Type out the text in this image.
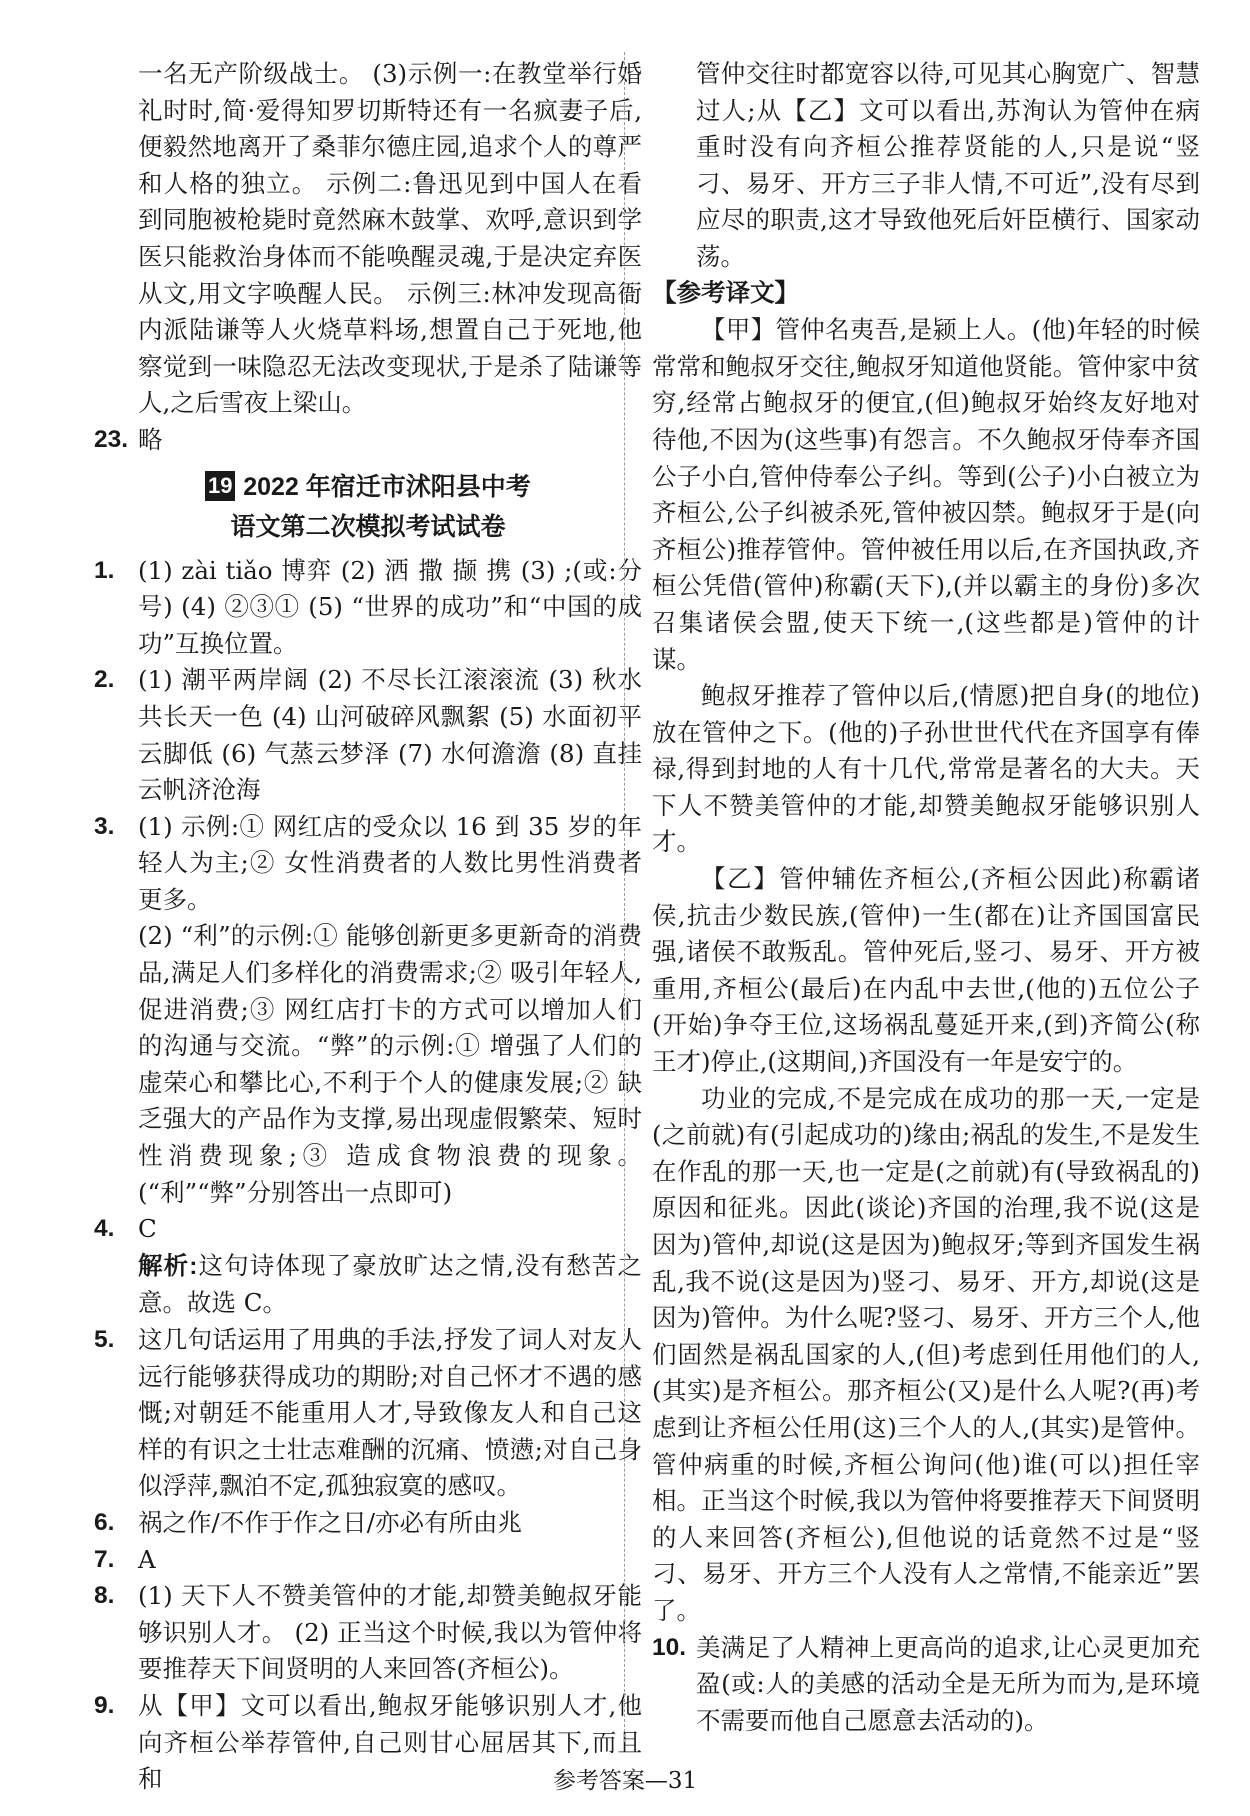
一名无产阶级战士。 (3)示例一:在教堂举行婚礼时时,简·爱得知罗切斯特还有一名疯妻子后,便毅然地离开了桑菲尔德庄园,追求个人的尊严和人格的独立。 示例二:鲁迅见到中国人在看到同胞被枪毙时竟然麻木鼓掌、欢呼,意识到学医只能救治身体而不能唤醒灵魂,于是决定弃医从文,用文字唤醒人民。 示例三:林冲发现高衙内派陆谦等人火烧草料场,想置自己于死地,他察觉到一味隐忍无法改变现状,于是杀了陆谦等人,之后雪夜上梁山。

23. 略
19 2022 年宿迁市沭阳县中考
语文第二次模拟考试试卷
1. (1) zài tiǎo 博弈 (2) 洒 撒 撷 携 (3) ;(或:分号) (4) ②③① (5) “世界的成功”和“中国的成功”互换位置。
2. (1) 潮平两岸阔 (2) 不尽长江滚滚流 (3) 秋水共长天一色 (4) 山河破碎风飘絮 (5) 水面初平云脚低 (6) 气蒸云梦泽 (7) 水何澹澹 (8) 直挂云帆济沧海
3. (1) 示例:① 网红店的受众以 16 到 35 岁的年轻人为主;② 女性消费者的人数比男性消费者更多。
(2) “利”的示例:① 能够创新更多更新奇的消费品,满足人们多样化的消费需求;② 吸引年轻人,促进消费;③ 网红店打卡的方式可以增加人们的沟通与交流。“弊”的示例:① 增强了人们的虚荣心和攀比心,不利于个人的健康发展;② 缺乏强大的产品作为支撑,易出现虚假繁荣、短时性消费现象;③ 造成食物浪费的现象。(“利”“弊”分别答出一点即可)
4. C
解析:这句诗体现了豪放旷达之情,没有愁苦之意。故选 C。
5. 这几句话运用了用典的手法,抒发了词人对友人远行能够获得成功的期盼;对自己怀才不遇的感慨;对朝廷不能重用人才,导致像友人和自己这样的有识之士壮志难酬的沉痛、愤懑;对自己身似浮萍,飘泊不定,孤独寂寞的感叹。
6. 祸之作/不作于作之日/亦必有所由兆
7. A
8. (1) 天下人不赞美管仲的才能,却赞美鲍叔牙能够识别人才。 (2) 正当这个时候,我以为管仲将要推荐天下间贤明的人来回答(齐桓公)。
9. 从【甲】文可以看出,鲍叔牙能够识别人才,他向齐桓公举荐管仲,自己则甘心屈居其下,而且和

管仲交往时都宽容以待,可见其心胸宽广、智慧过人;从【乙】文可以看出,苏洵认为管仲在病重时没有向齐桓公推荐贤能的人,只是说“竖刁、易牙、开方三子非人情,不可近”,没有尽到应尽的职责,这才导致他死后奸臣横行、国家动荡。

【参考译文】

【甲】管仲名夷吾,是颍上人。(他)年轻的时候常常和鲍叔牙交往,鲍叔牙知道他贤能。管仲家中贫穷,经常占鲍叔牙的便宜,(但)鲍叔牙始终友好地对待他,不因为(这些事)有怨言。不久鲍叔牙侍奉齐国公子小白,管仲侍奉公子纠。等到(公子)小白被立为齐桓公,公子纠被杀死,管仲被囚禁。鲍叔牙于是(向齐桓公)推荐管仲。管仲被任用以后,在齐国执政,齐桓公凭借(管仲)称霸(天下),(并以霸主的身份)多次召集诸侯会盟,使天下统一,(这些都是)管仲的计谋。

鲍叔牙推荐了管仲以后,(情愿)把自身(的地位)放在管仲之下。(他的)子孙世世代代在齐国享有俸禄,得到封地的人有十几代,常常是著名的大夫。天下人不赞美管仲的才能,却赞美鲍叔牙能够识别人才。

【乙】管仲辅佐齐桓公,(齐桓公因此)称霸诸侯,抗击少数民族,(管仲)一生(都在)让齐国国富民强,诸侯不敢叛乱。管仲死后,竖刁、易牙、开方被重用,齐桓公(最后)在内乱中去世,(他的)五位公子(开始)争夺王位,这场祸乱蔓延开来,(到)齐简公(称王才)停止,(这期间,)齐国没有一年是安宁的。

功业的完成,不是完成在成功的那一天,一定是(之前就)有(引起成功的)缘由;祸乱的发生,不是发生在作乱的那一天,也一定是(之前就)有(导致祸乱的)原因和征兆。因此(谈论)齐国的治理,我不说(这是因为)管仲,却说(这是因为)鲍叔牙;等到齐国发生祸乱,我不说(这是因为)竖刁、易牙、开方,却说(这是因为)管仲。为什么呢?竖刁、易牙、开方三个人,他们固然是祸乱国家的人,(但)考虑到任用他们的人,(其实)是齐桓公。那齐桓公(又)是什么人呢?(再)考虑到让齐桓公任用(这)三个人的人,(其实)是管仲。管仲病重的时候,齐桓公询问(他)谁(可以)担任宰相。正当这个时候,我以为管仲将要推荐天下间贤明的人来回答(齐桓公),但他说的话竟然不过是“竖刁、易牙、开方三个人没有人之常情,不能亲近”罢了。

10. 美满足了人精神上更高尚的追求,让心灵更加充盈(或:人的美感的活动全是无所为而为,是环境不需要而他自己愿意去活动的)。
参考答案—31
